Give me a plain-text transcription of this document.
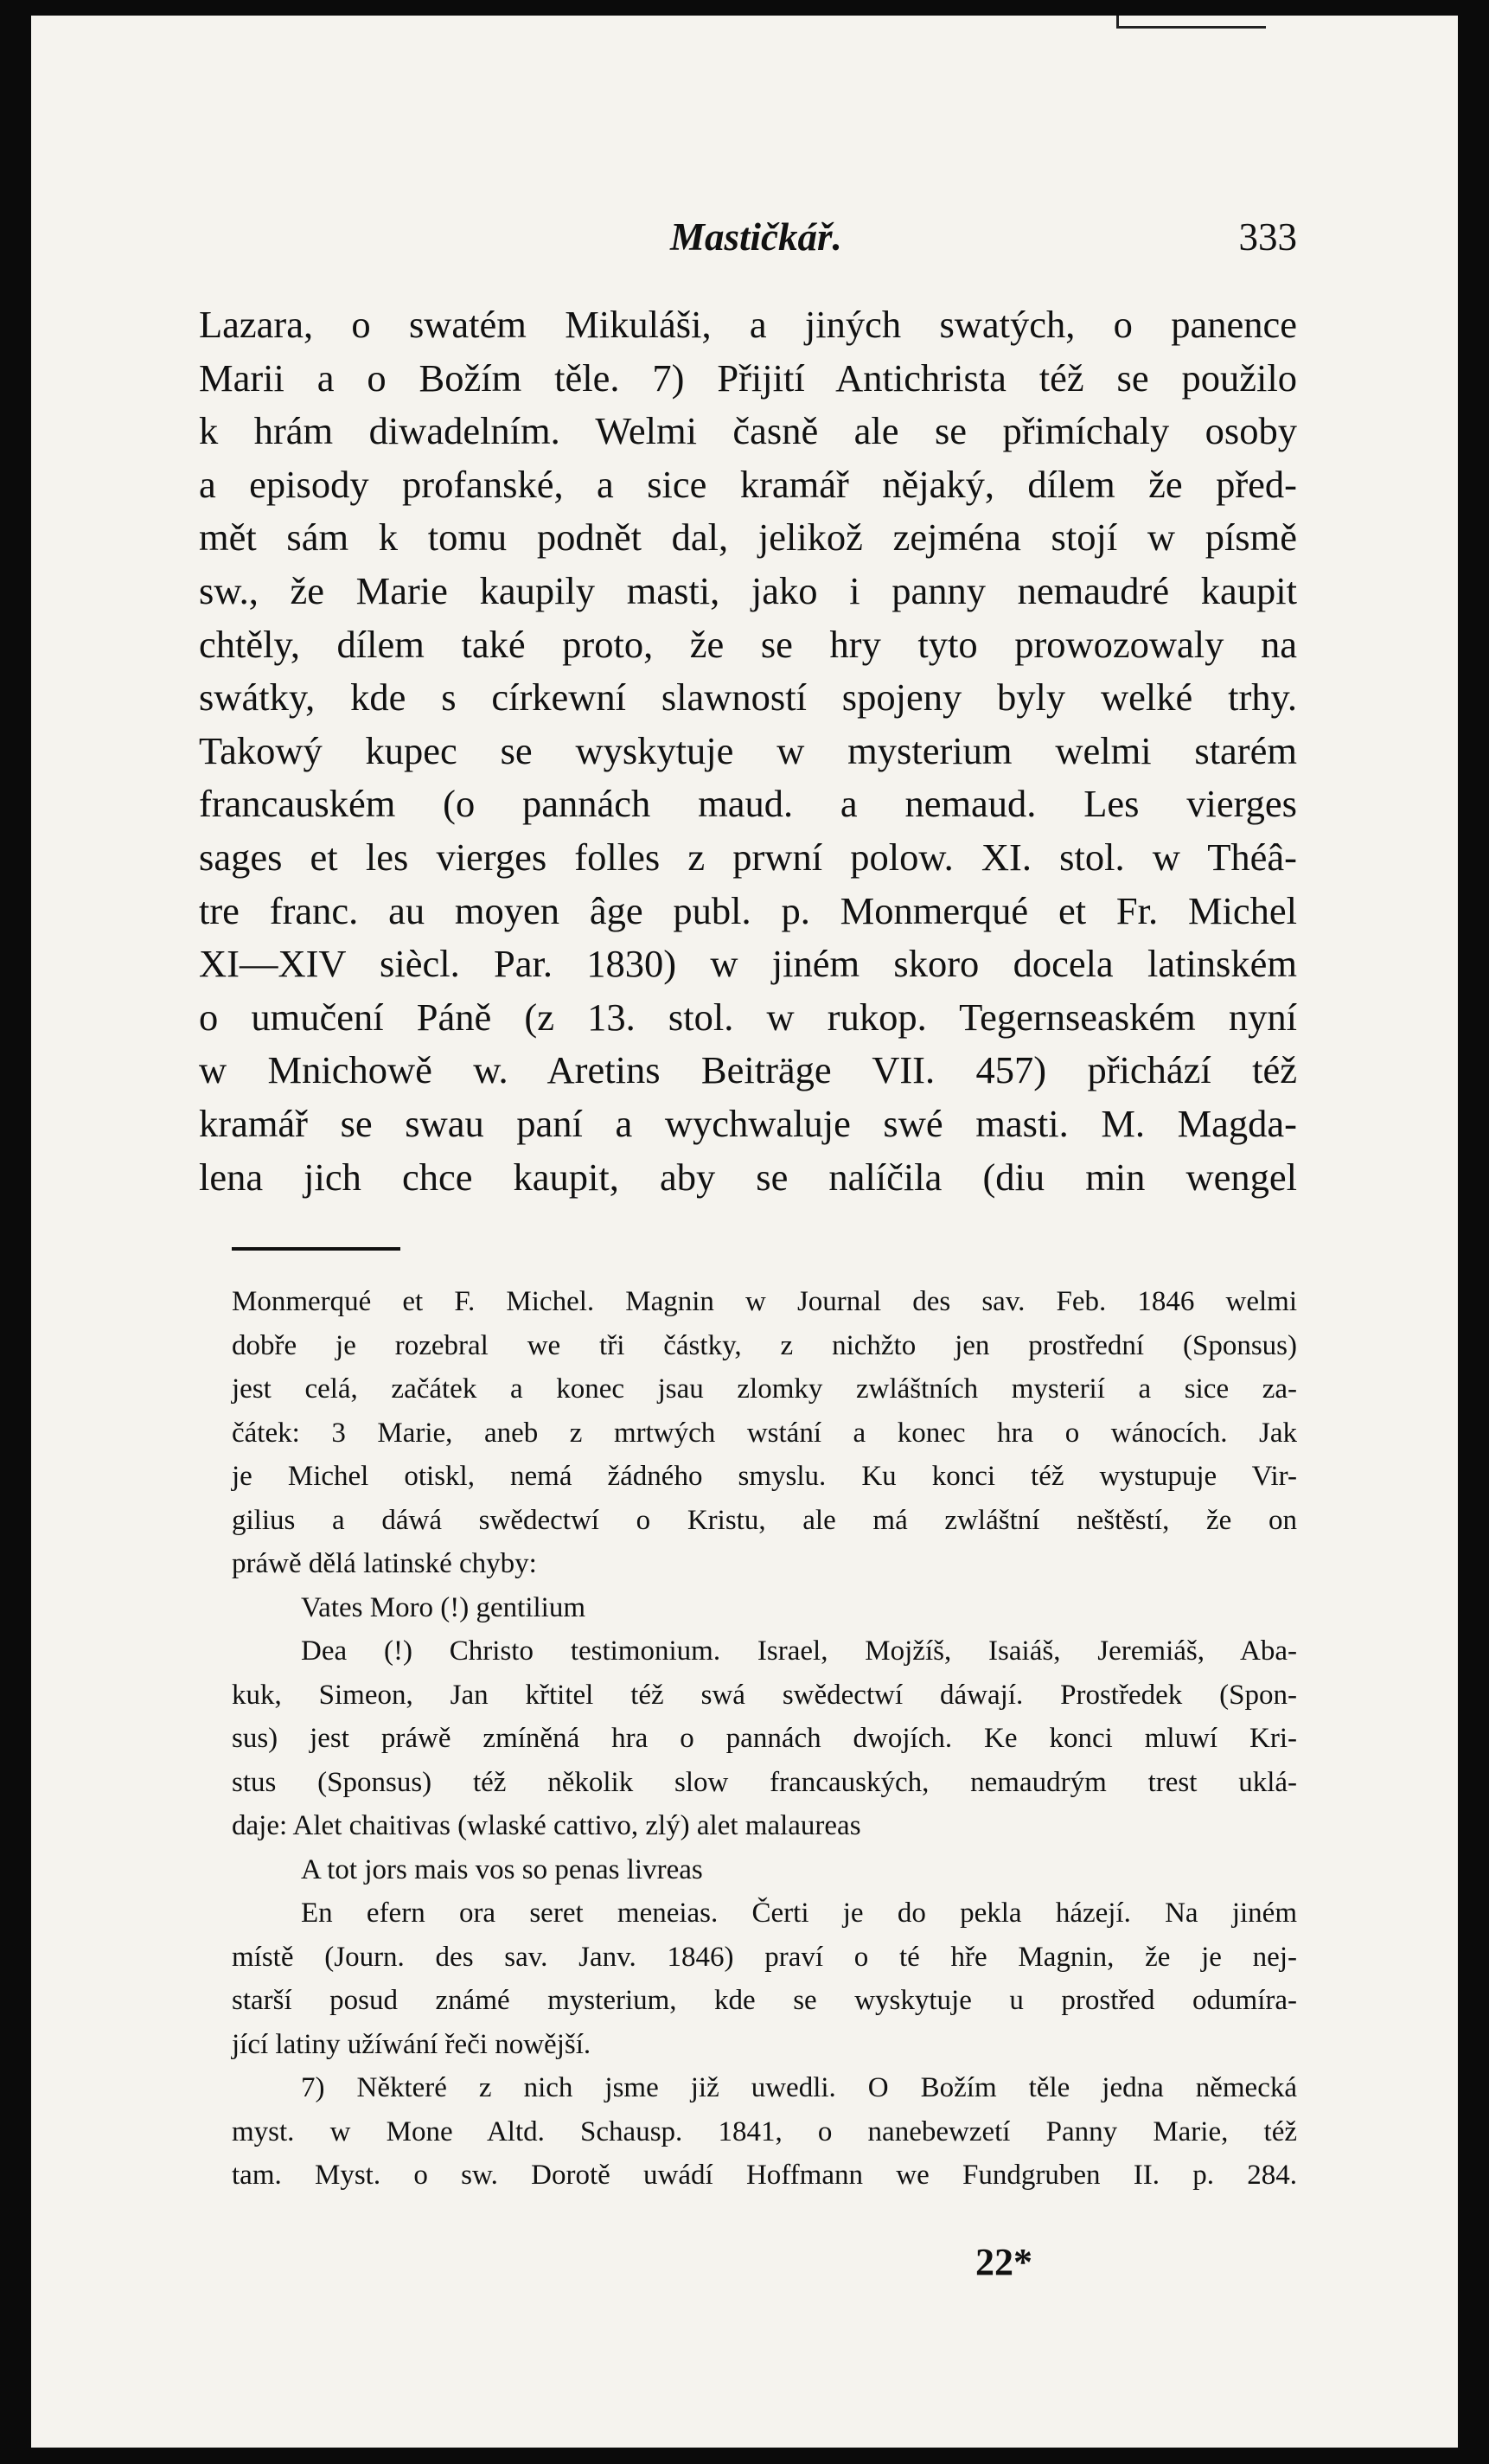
Mastičkář.	333
Lazara, o swatém Mikuláši, a jiných swatých, o panence
Marii a o Božím těle. 7) Přijití Antichrista též se použilo
k hrám diwadelním. Welmi časně ale se přimíchaly osoby
a episody profanské, a sice kramář nějaký, dílem že před-
mět sám k tomu podnět dal, jelikož zejména stojí w písmě
sw., že Marie kaupily masti, jako i panny nemaudré kaupit
chtěly, dílem také proto, že se hry tyto prowozowaly na
swátky, kde s církewní slawností spojeny byly welké trhy.
Takowý kupec se wyskytuje w mysterium welmi starém
francauském (o pannách maud. a nemaud. Les vierges
sages et les vierges folles z prwní polow. XI. stol. w Théâ-
tre franc. au moyen âge publ. p. Monmerqué et Fr. Michel
XI—XIV siècl. Par. 1830) w jiném skoro docela latinském
o umučení Páně (z 13. stol. w rukop. Tegernseaském nyní
w Mnichowě w. Aretins Beiträge VII. 457) přichází též
kramář se swau paní a wychwaluje swé masti. M. Magda-
lena jich chce kaupit, aby se nalíčila (diu min wengel
Monmerqué et F. Michel. Magnin w Journal des sav. Feb. 1846 welmi
dobře je rozebral we tři částky, z nichžto jen prostřední (Sponsus)
jest celá, začátek a konec jsau zlomky zwláštních mysterií a sice za-
čátek: 3 Marie, aneb z mrtwých wstání a konec hra o wánocích. Jak
je Michel otiskl, nemá žádného smyslu. Ku konci též wystupuje Vir-
gilius a dáwá swědectwí o Kristu, ale má zwláštní neštěstí, že on
práwě dělá latinské chyby:
Vates Moro (!) gentilium
Dea (!) Christo testimonium. Israel, Mojžíš, Isaiáš, Jeremiáš, Aba-
kuk, Simeon, Jan křtitel též swá swědectwí dáwají. Prostředek (Spon-
sus) jest práwě zmíněná hra o pannách dwojích. Ke konci mluwí Kri-
stus (Sponsus) též několik slow francauských, nemaudrým trest uklá-
daje: Alet chaitivas (wlaské cattivo, zlý) alet malaureas
A tot jors mais vos so penas livreas
En efern ora seret meneias. Čerti je do pekla házejí. Na jiném
místě (Journ. des sav. Janv. 1846) praví o té hře Magnin, že je nej-
starší posud známé mysterium, kde se wyskytuje u prostřed odumíra-
jící latiny užíwání řeči nowější.
7) Některé z nich jsme již uwedli. O Božím těle jedna německá
myst. w Mone Altd. Schausp. 1841, o nanebewzetí Panny Marie, též
tam. Myst. o sw. Dorotě uwádí Hoffmann we Fundgruben II. p. 284.
22*
